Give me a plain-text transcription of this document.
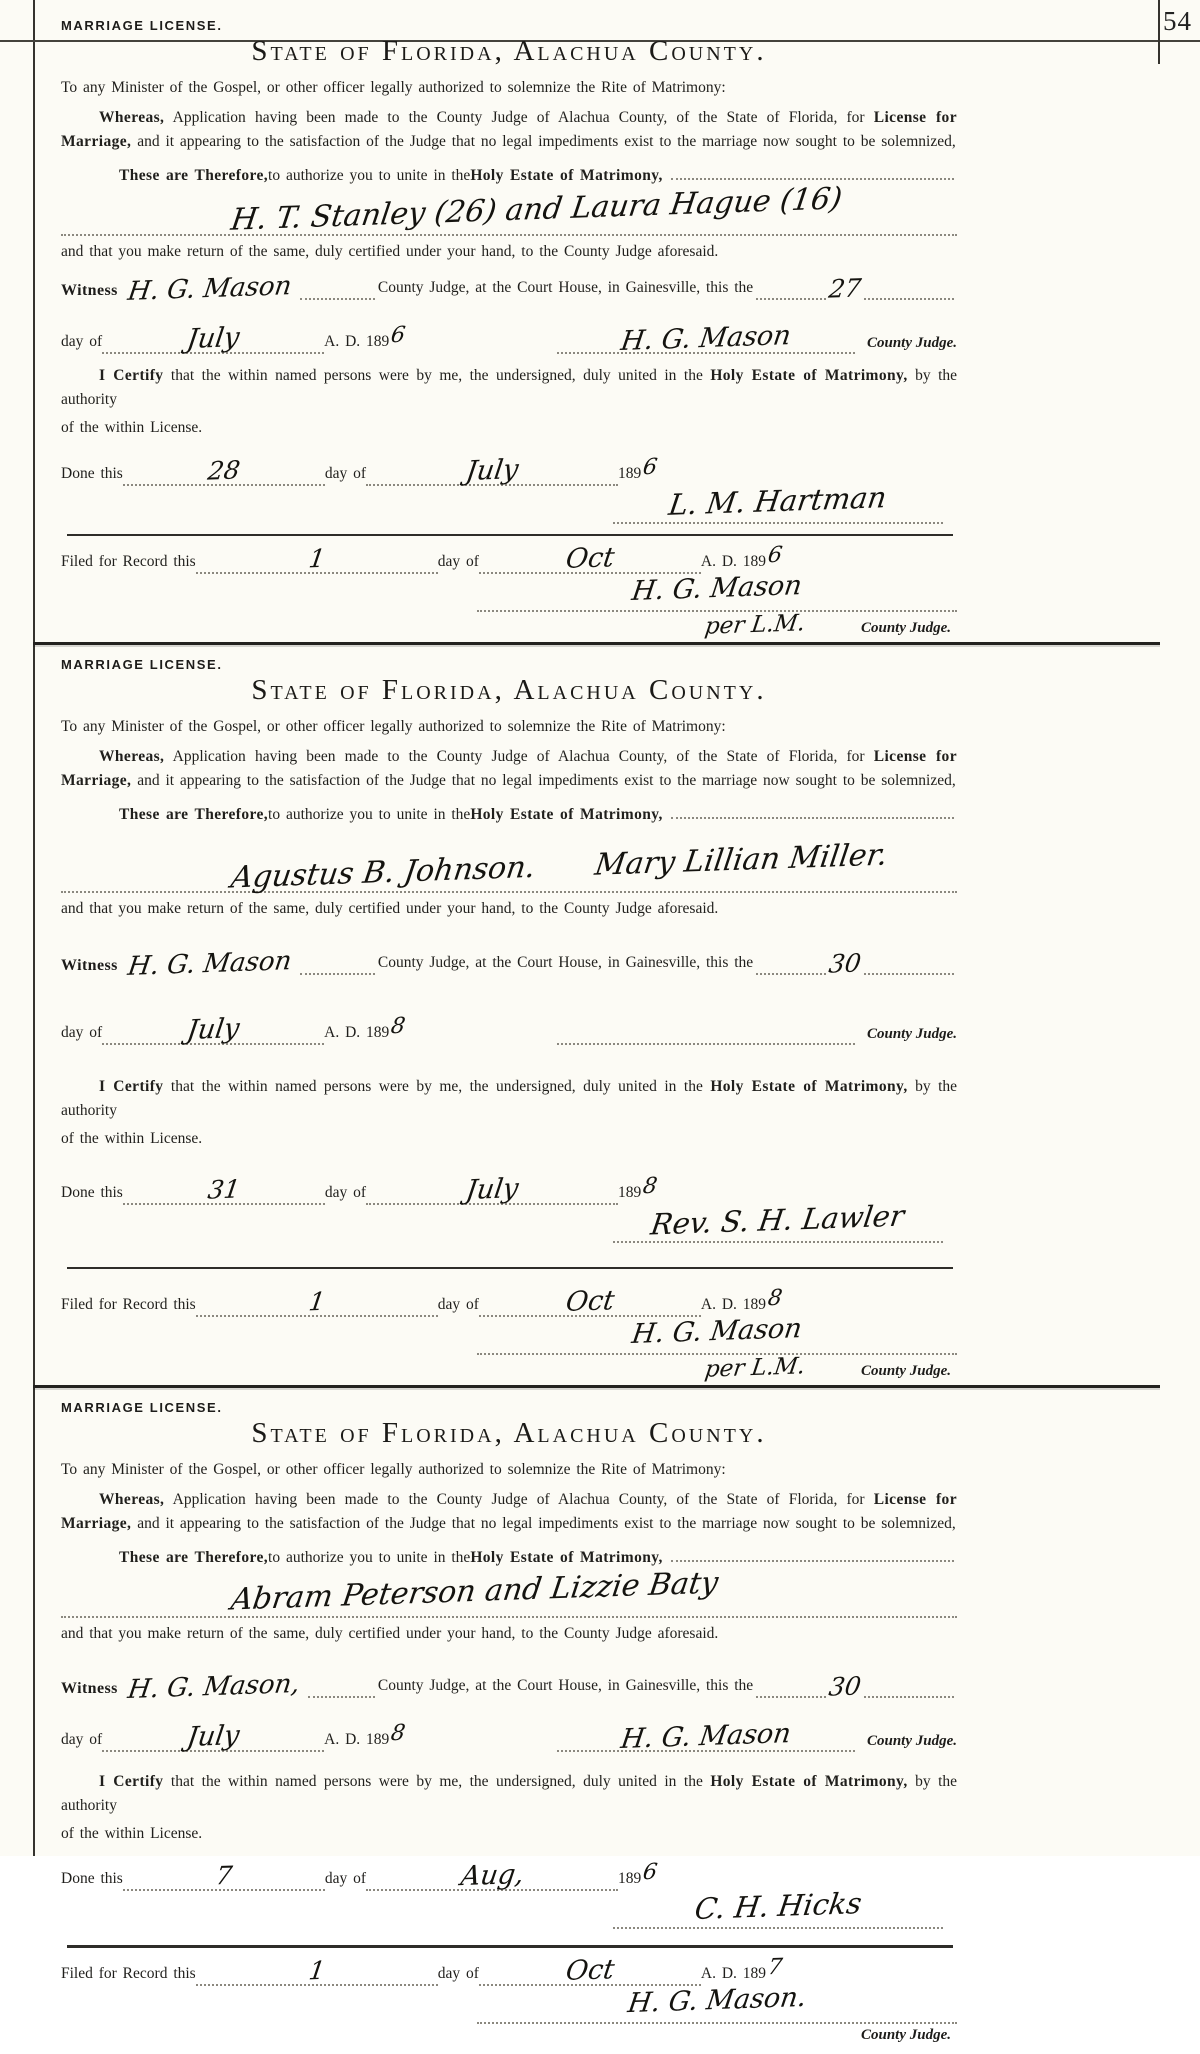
54
MARRIAGE LICENSE.
State of Florida, Alachua County.

To any Minister of the Gospel, or other officer legally authorized to solemnize the Rite of Matrimony:

Whereas, Application having been made to the County Judge of Alachua County, of the State of Florida, for License for Marriage, and it appearing to the satisfaction of the Judge that no legal impediments exist to the marriage now sought to be solemnized,

These are Therefore, to authorize you to unite in the Holy Estate of Matrimony,
H. T. Stanley (26) and Laura Hague (16)

and that you make return of the same, duly certified under your hand, to the County Judge aforesaid.

Witness H. G. Mason	County Judge, at the Court House, in Gainesville, this the	27
day of	July	A. D. 189 6	H. G. Mason	County Judge.

I Certify that the within named persons were by me, the undersigned, duly united in the Holy Estate of Matrimony, by the authority

of the within License.

Done this	28	day of	July	189 6
L. M. Hartman
Filed for Record this	1	day of	Oct	A. D. 189 6
H. G. Mason
per L.M.	County Judge.
MARRIAGE LICENSE.
State of Florida, Alachua County.

To any Minister of the Gospel, or other officer legally authorized to solemnize the Rite of Matrimony:

Whereas, Application having been made to the County Judge of Alachua County, of the State of Florida, for License for Marriage, and it appearing to the satisfaction of the Judge that no legal impediments exist to the marriage now sought to be solemnized,

These are Therefore, to authorize you to unite in the Holy Estate of Matrimony,
Agustus B. Johnson.  Mary Lillian Miller.

and that you make return of the same, duly certified under your hand, to the County Judge aforesaid.

Witness H. G. Mason	County Judge, at the Court House, in Gainesville, this the	30
day of	July	A. D. 189 8	County Judge.

I Certify that the within named persons were by me, the undersigned, duly united in the Holy Estate of Matrimony, by the authority

of the within License.

Done this	31	day of	July	189 8
Rev. S. H. Lawler
Filed for Record this	1	day of	Oct	A. D. 189 8
H. G. Mason
per L.M.	County Judge.
MARRIAGE LICENSE.
State of Florida, Alachua County.

To any Minister of the Gospel, or other officer legally authorized to solemnize the Rite of Matrimony:

Whereas, Application having been made to the County Judge of Alachua County, of the State of Florida, for License for Marriage, and it appearing to the satisfaction of the Judge that no legal impediments exist to the marriage now sought to be solemnized,

These are Therefore, to authorize you to unite in the Holy Estate of Matrimony,
Abram Peterson and Lizzie Baty

and that you make return of the same, duly certified under your hand, to the County Judge aforesaid.

Witness H. G. Mason,	County Judge, at the Court House, in Gainesville, this the	30
day of	July	A. D. 189 8	H. G. Mason	County Judge.

I Certify that the within named persons were by me, the undersigned, duly united in the Holy Estate of Matrimony, by the authority

of the within License.

Done this	7	day of	Aug,	189 6
C. H. Hicks
Filed for Record this	1	day of	Oct	A. D. 189 7
H. G. Mason.
County Judge.
